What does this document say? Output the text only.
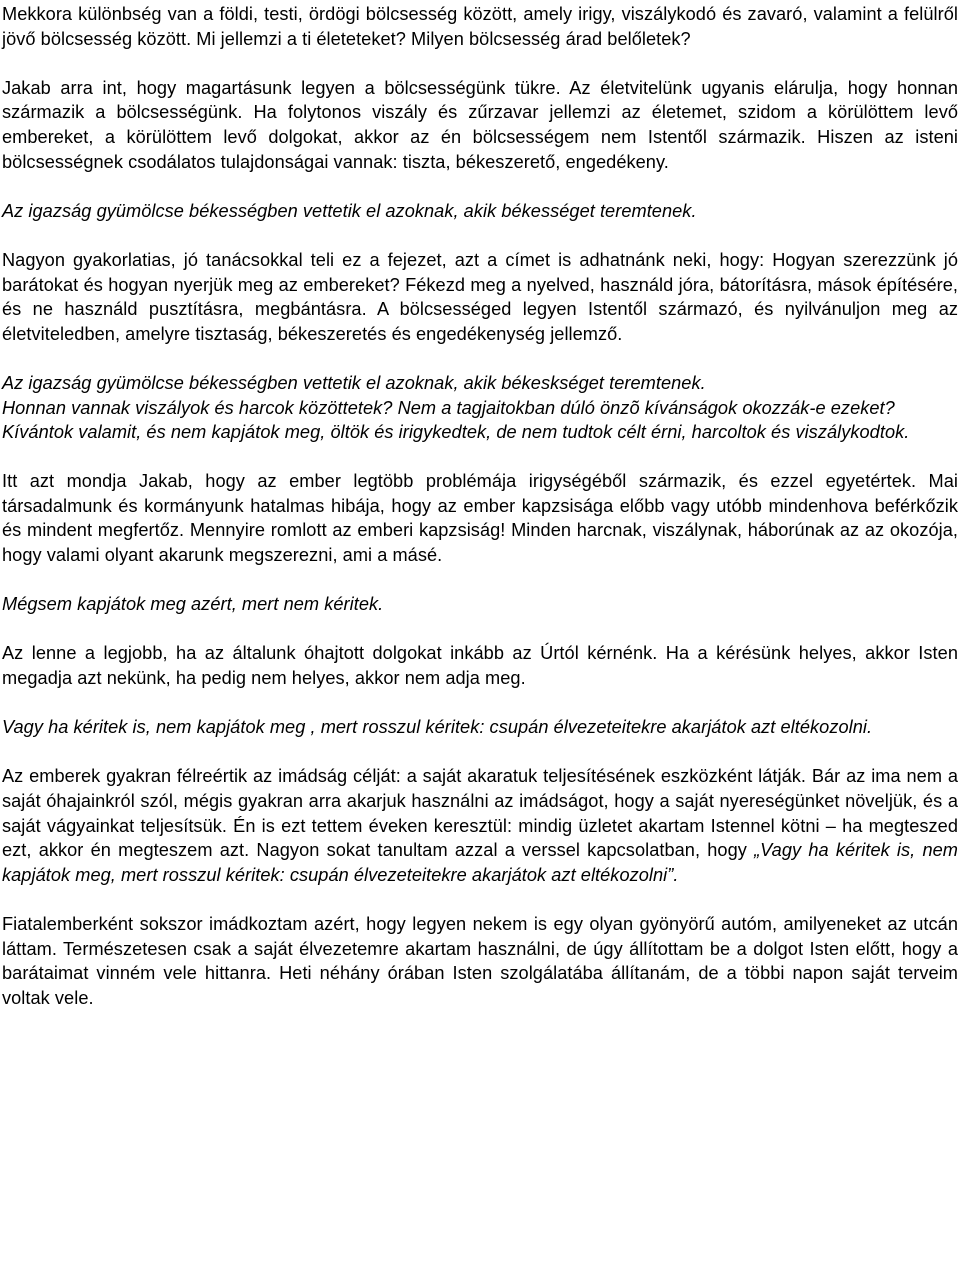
Mekkora különbség van a földi, testi, ördögi bölcsesség között, amely irigy, viszálykodó és zavaró, valamint a felülről jövő bölcsesség között. Mi jellemzi a ti életeteket? Milyen bölcsesség árad belőletek?

Jakab arra int, hogy magartásunk legyen a bölcsességünk tükre. Az életvitelünk ugyanis elárulja, hogy honnan származik a bölcsességünk. Ha folytonos viszály és zűrzavar jellemzi az életemet, szidom a körülöttem levő embereket, a körülöttem levő dolgokat, akkor az én bölcsességem nem Istentől származik. Hiszen az isteni bölcsességnek csodálatos tulajdonságai vannak: tiszta, békeszerető, engedékeny.

Az igazság gyümölcse békességben vettetik el azoknak, akik békességet teremtenek.

Nagyon gyakorlatias, jó tanácsokkal teli ez a fejezet, azt a címet is adhatnánk neki, hogy: Hogyan szerezzünk jó barátokat és hogyan nyerjük meg az embereket? Fékezd meg a nyelved, használd jóra, bátorításra, mások építésére, és ne használd pusztításra, megbántásra. A bölcsességed legyen Istentől származó, és nyilvánuljon meg az életviteledben, amelyre tisztaság, békeszeretés és engedékenység jellemző.

Az igazság gyümölcse békességben vettetik el azoknak, akik békeskséget teremtenek.

Honnan vannak viszályok és harcok közöttetek? Nem a tagjaitokban dúló önzõ kívánságok okozzák-e ezeket?

Kívántok valamit, és nem kapjátok meg, öltök és irigykedtek, de nem tudtok célt érni, harcoltok és viszálykodtok.

Itt azt mondja Jakab, hogy az ember legtöbb problémája irigységéből származik, és ezzel egyetértek. Mai társadalmunk és kormányunk hatalmas hibája, hogy az ember kapzsisága előbb vagy utóbb mindenhova beférkőzik és mindent megfertőz. Mennyire romlott az emberi kapzsiság! Minden harcnak, viszálynak, háborúnak az az okozója, hogy valami olyant akarunk megszerezni, ami a másé.

Mégsem kapjátok meg azért, mert nem kéritek.

Az lenne a legjobb, ha az általunk óhajtott dolgokat inkább az Úrtól kérnénk. Ha a kérésünk helyes, akkor Isten megadja azt nekünk, ha pedig nem helyes, akkor nem adja meg.

Vagy ha kéritek is, nem kapjátok meg , mert rosszul kéritek: csupán élvezeteitekre akarjátok azt eltékozolni.

Az emberek gyakran félreértik az imádság célját: a saját akaratuk teljesítésének eszközként látják. Bár az ima nem a saját óhajainkról szól, mégis gyakran arra akarjuk használni az imádságot, hogy a saját nyereségünket növeljük, és a saját vágyainkat teljesítsük. Én is ezt tettem éveken keresztül: mindig üzletet akartam Istennel kötni – ha megteszed ezt, akkor én megteszem azt. Nagyon sokat tanultam azzal a verssel kapcsolatban, hogy „Vagy ha kéritek is, nem kapjátok meg, mert rosszul kéritek: csupán élvezeteitekre akarjátok azt eltékozolni”.

Fiatalemberként sokszor imádkoztam azért, hogy legyen nekem is egy olyan gyönyörű autóm, amilyeneket az utcán láttam. Természetesen csak a saját élvezetemre akartam használni, de úgy állítottam be a dolgot Isten előtt, hogy a barátaimat vinném vele hittanra. Heti néhány órában Isten szolgálatába állítanám, de a többi napon saját terveim voltak vele.
